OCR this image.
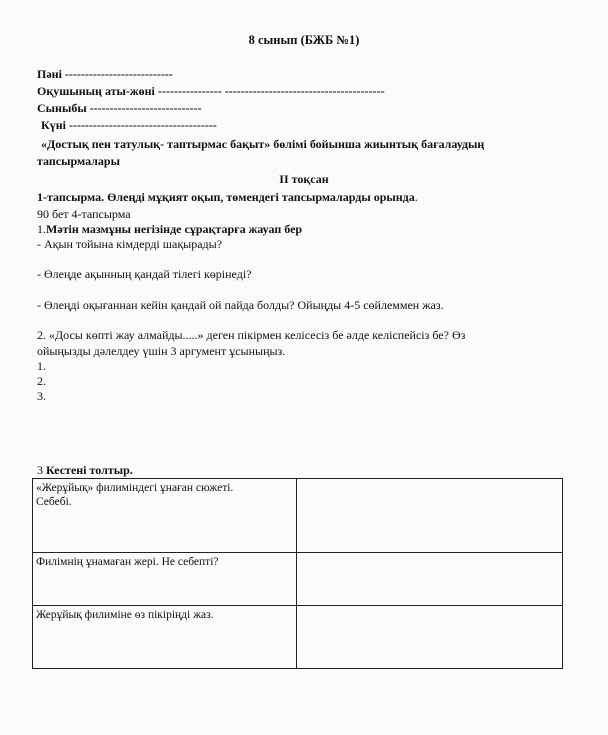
8 сынып (БЖБ №1)
Пәні ---------------------------
Оқушының аты-жөні ---------------- ----------------------------------------
Сыныбы ----------------------------
Күні -------------------------------------
«Достық пен татулық- таптырмас бақыт» бөлімі бойынша жиынтық бағалаудың
тапсырмалары
II тоқсан
1-тапсырма. Өлеңді мұқият оқып, төмендегі тапсырмаларды орында.
90 бет 4-тапсырма
1.Мәтін мазмұны негізінде сұрақтарға жауап бер
- Ақын тойына кімдерді шақырады?
- Өлеңде ақынның қандай тілегі көрінеді?
- Өлеңді оқығаннан кейін қандай ой пайда болды? Ойыңды 4-5 сөйлеммен жаз.
2. «Досы көпті жау алмайды.....» деген пікірмен келісесіз бе әлде келіспейсіз бе? Өз
ойыңызды дәлелдеу үшін 3 аргумент ұсыныңыз.
1.
2.
3.
3 Кестені толтыр.
«Жерұйық» филиміндегі ұнаған сюжеті.
Себебі.	

Филімнің ұнамаған жері. Не себепті?	

Жерұйық филиміне өз пікіріңді жаз.	
